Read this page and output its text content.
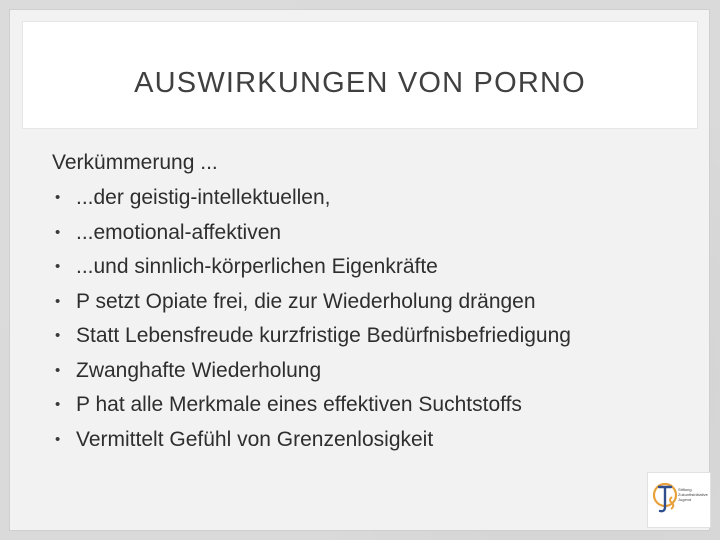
AUSWIRKUNGEN VON PORNO
Verkümmerung ...
• ...der geistig-intellektuellen,
• ...emotional-affektiven
• ...und sinnlich-körperlichen Eigenkräfte
• P setzt Opiate frei, die zur Wiederholung drängen
• Statt Lebensfreude kurzfristige Bedürfnisbefriedigung
• Zwanghafte Wiederholung
• P hat alle Merkmale eines effektiven Suchtstoffs
• Vermittelt Gefühl von Grenzenlosigkeit
Stiftung
Zukunftsinitiative
Jugend
